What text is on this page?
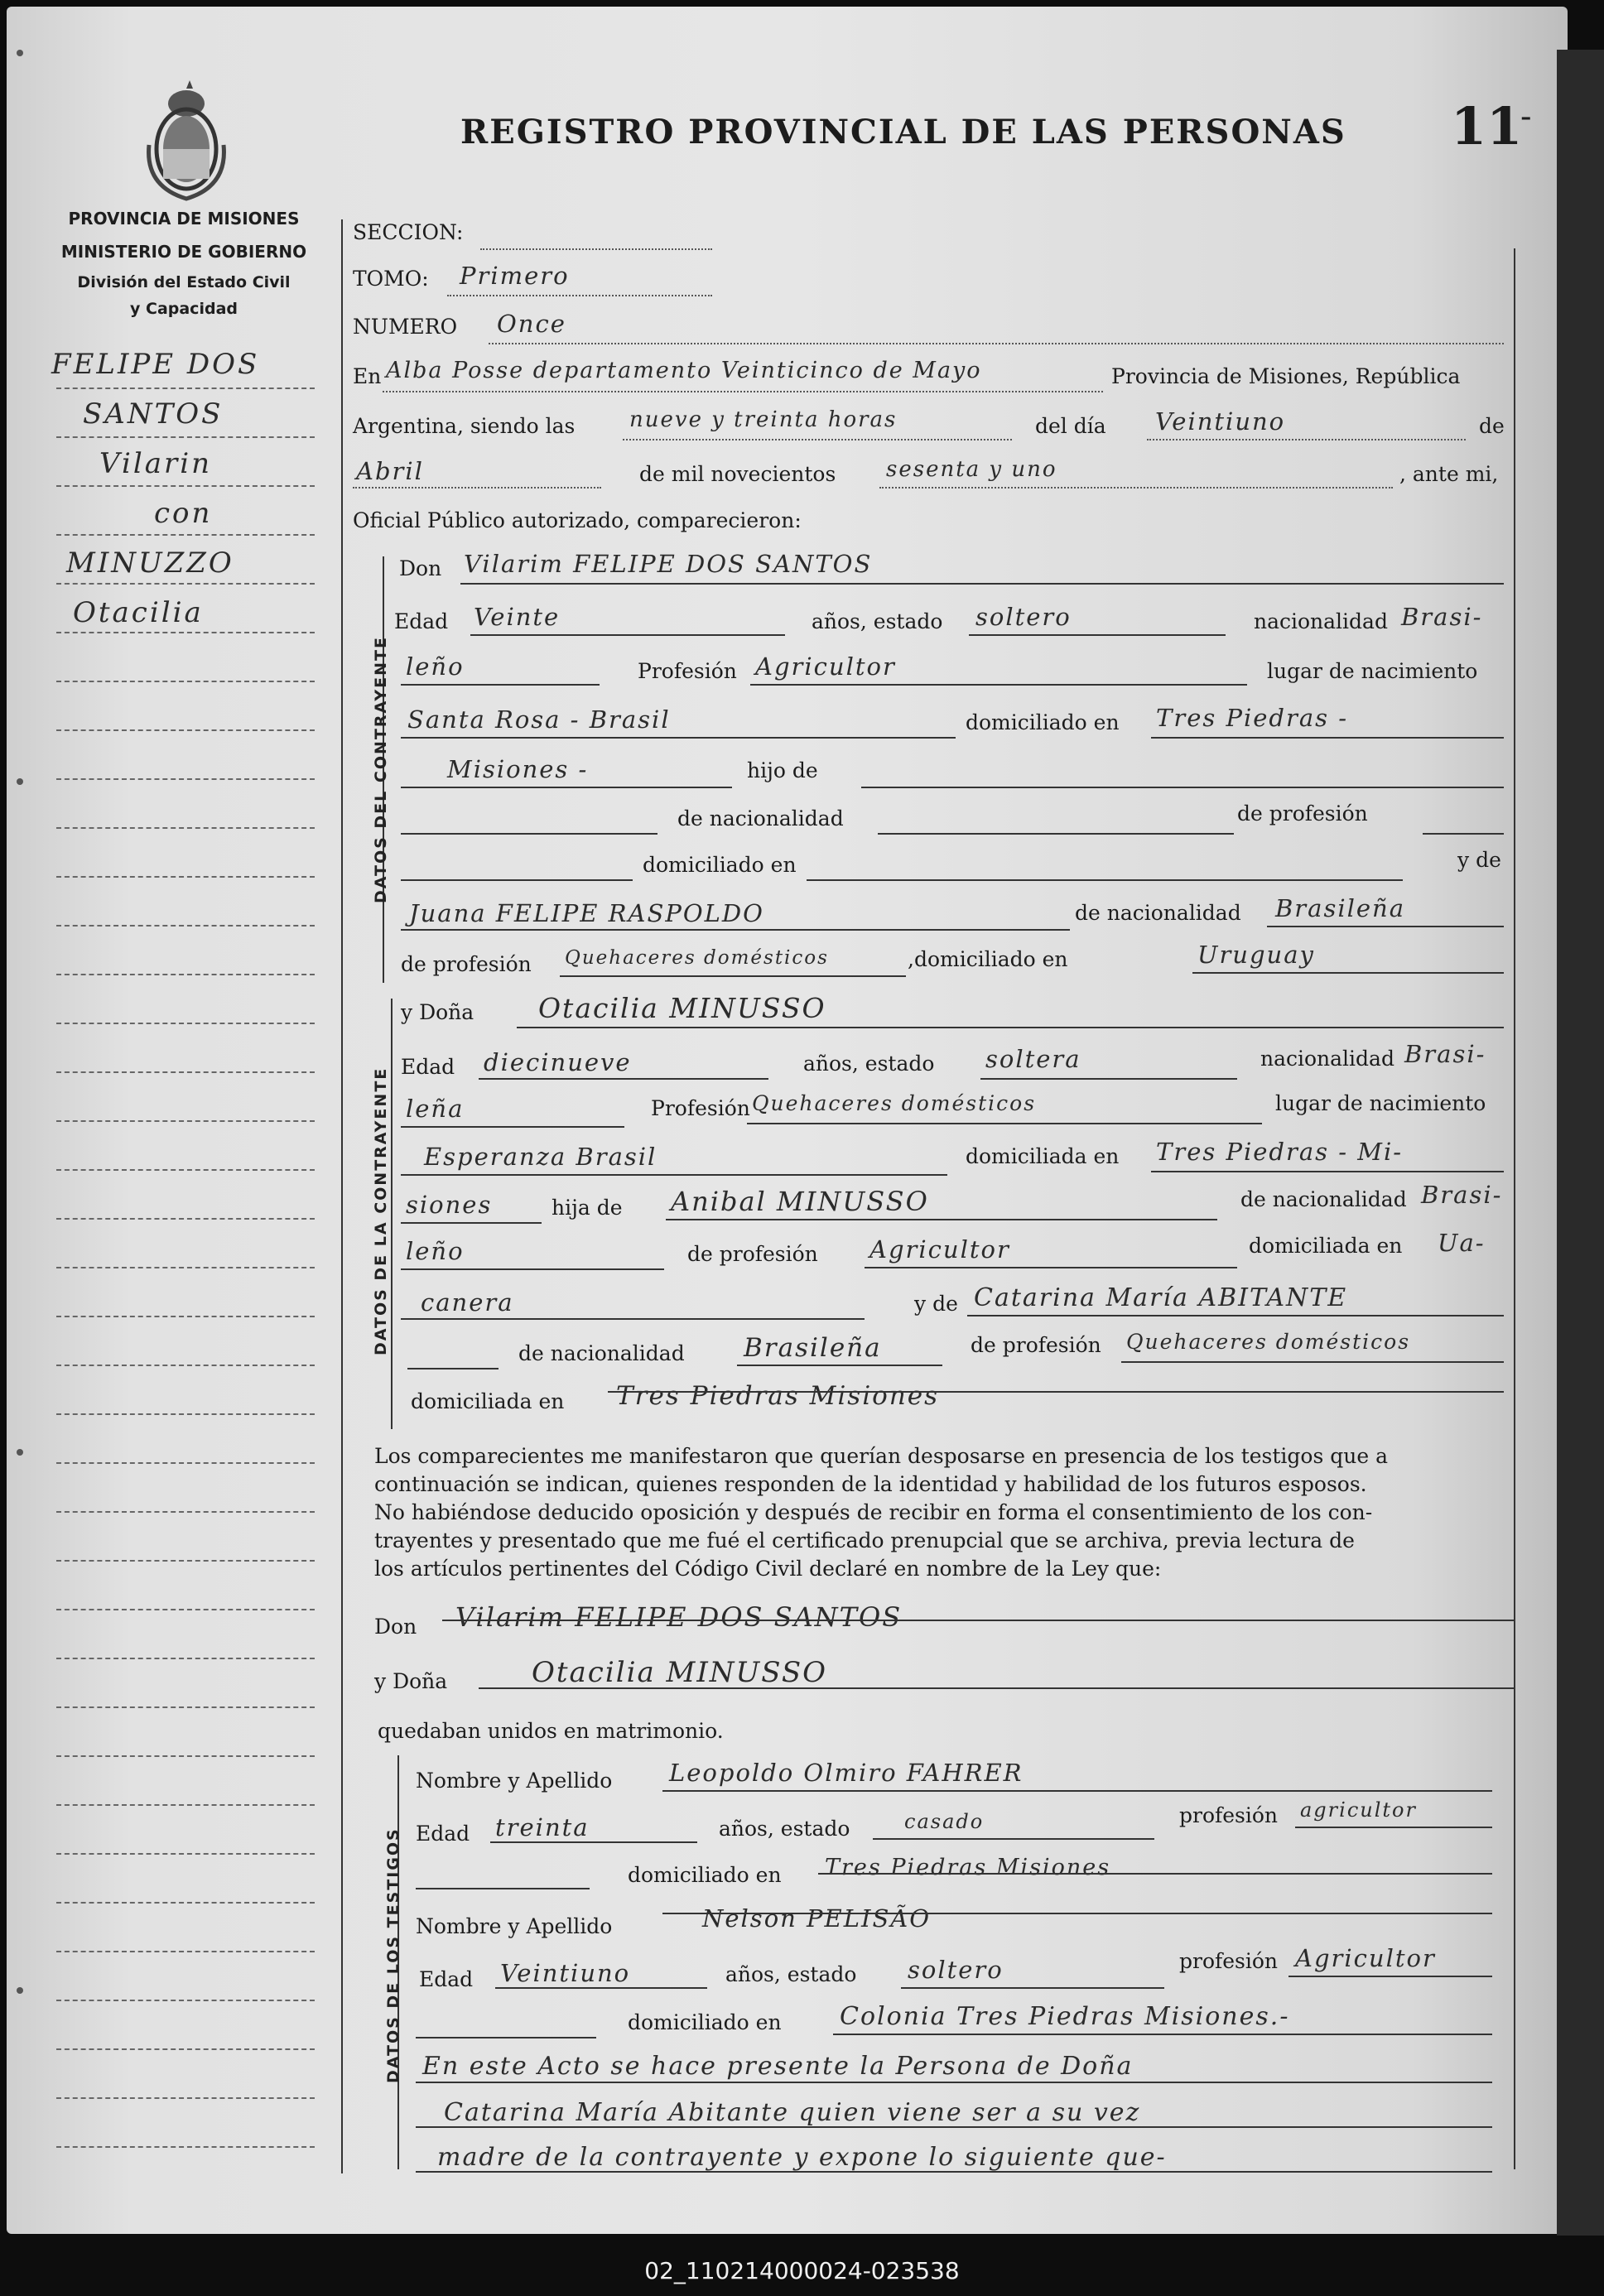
PROVINCIA DE MISIONES
MINISTERIO DE GOBIERNO
División del Estado Civil
y Capacidad
REGISTRO PROVINCIAL DE LAS PERSONAS 11
-
FELIPE DOS
SANTOS
Vilarin
con
MINUZZO
Otacilia
SECCION:
TOMO: Primero
NUMERO Once
En Alba Posse departamento Veinticinco de Mayo	Provincia de Misiones, República
Argentina, siendo las	nueve y treinta horas	del día Veintiuno	de
Abril	de mil novecientos sesenta y uno	, ante mi,
Oficial Público autorizado, comparecieron:
DATOS DEL CONTRAYENTE
Don Vilarim FELIPE DOS SANTOS
Edad Veinte	años, estado soltero	nacionalidad Brasi-
leño	Profesión Agricultor	lugar de nacimiento
Santa Rosa - Brasil	domiciliado en Tres Piedras -
Misiones -	hijo de
de nacionalidad	de profesión
domiciliado en	y de
Juana FELIPE RASPOLDO	de nacionalidad Brasileña
de profesión Quehaceres domésticos	,domiciliado en	Uruguay
DATOS DE LA CONTRAYENTE
y Doña Otacilia MINUSSO
Edad diecinueve	años, estado soltera	nacionalidad Brasi-
leña	Profesión Quehaceres domésticos	lugar de nacimiento
Esperanza Brasil	domiciliada en Tres Piedras - Mi-
siones	hija de Anibal MINUSSO	de nacionalidad Brasi-
leño	de profesión Agricultor	domiciliada en Ua-
canera	y de Catarina María ABITANTE
de nacionalidad Brasileña	de profesión Quehaceres domésticos
domiciliada en Tres Piedras Misiones
Los comparecientes me manifestaron que querían desposarse en presencia de los testigos que a
continuación se indican, quienes responden de la identidad y habilidad de los futuros esposos.
No habiéndose deducido oposición y después de recibir en forma el consentimiento de los con-
trayentes y presentado que me fué el certificado prenupcial que se archiva, previa lectura de
los artículos pertinentes del Código Civil declaré en nombre de la Ley que:
Don Vilarim FELIPE DOS SANTOS
y Doña	Otacilia MINUSSO
quedaban unidos en matrimonio.
DATOS DE LOS TESTIGOS
Nombre y Apellido Leopoldo Olmiro FAHRER
Edad treinta	años, estado	casado	profesión agricultor
domiciliado en Tres Piedras Misiones
Nombre y Apellido	Nelson PELISÃO
Edad Veintiuno	años, estado soltero	profesión Agricultor
domiciliado en Colonia Tres Piedras Misiones.-
En este Acto se hace presente la Persona de Doña
Catarina María Abitante quien viene ser a su vez
madre de la contrayente y expone lo siguiente que-
02_110214000024-023538
